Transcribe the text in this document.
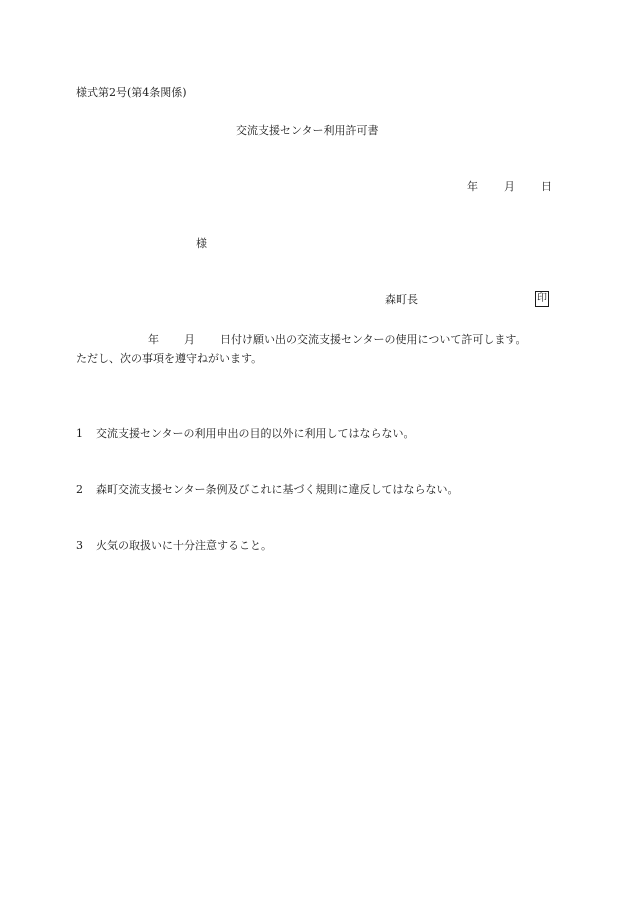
様式第2号(第4条関係)
交流支援センター利用許可書
年 月 日
様
森町長	印
年 月 日付け願い出の交流支援センターの使用について許可します。
ただし、次の事項を遵守ねがいます。
1 交流支援センターの利用申出の目的以外に利用してはならない。
2 森町交流支援センター条例及びこれに基づく規則に違反してはならない。
3 火気の取扱いに十分注意すること。
